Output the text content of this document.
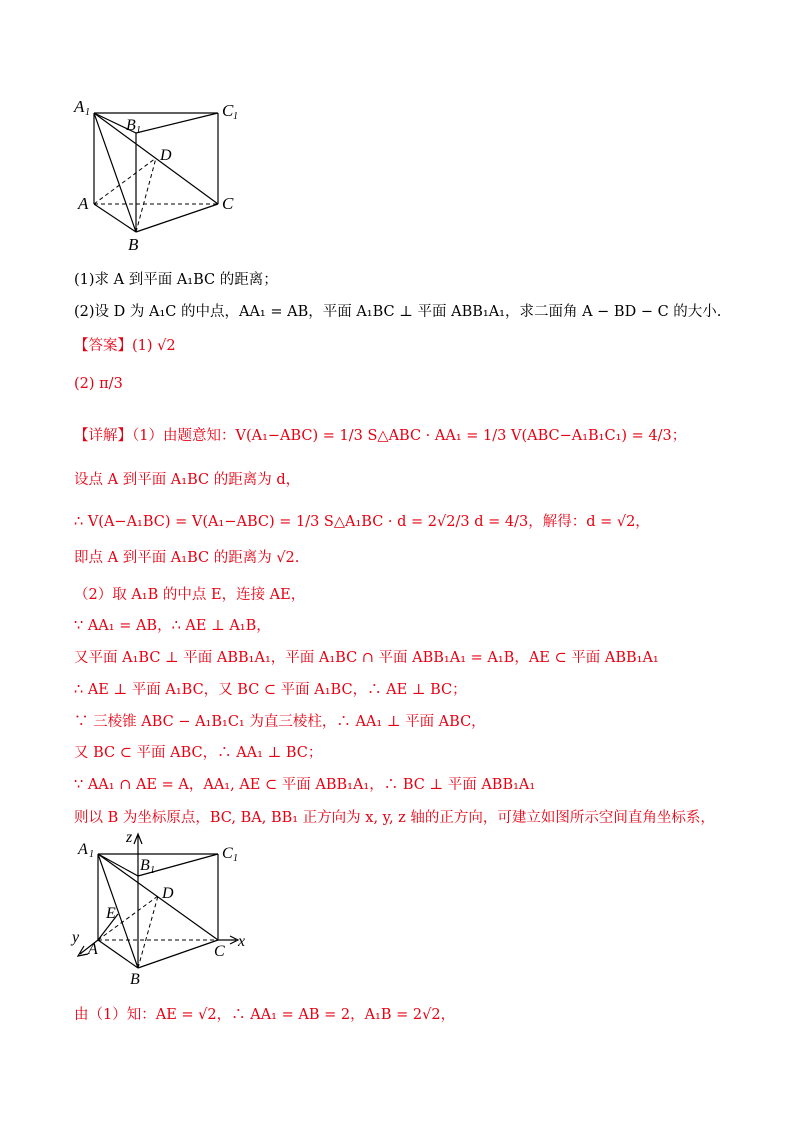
A 1
B 1
C 1
D
A
B
C
(1)求 A 到平面 A₁BC 的距离；
(2)设 D 为 A₁C 的中点，AA₁ = AB，平面 A₁BC ⊥ 平面 ABB₁A₁，求二面角 A − BD − C 的大小.
【答案】(1) √2
(2) π/3
【详解】（1）由题意知：V(A₁−ABC) = 1/3 S△ABC · AA₁ = 1/3 V(ABC−A₁B₁C₁) = 4/3；
设点 A 到平面 A₁BC 的距离为 d，
∴ V(A−A₁BC) = V(A₁−ABC) = 1/3 S△A₁BC · d = 2√2/3 d = 4/3，解得：d = √2，
即点 A 到平面 A₁BC 的距离为 √2.
（2）取 A₁B 的中点 E，连接 AE，
∵ AA₁ = AB，∴ AE ⊥ A₁B，
又平面 A₁BC ⊥ 平面 ABB₁A₁，平面 A₁BC ∩ 平面 ABB₁A₁ = A₁B，AE ⊂ 平面 ABB₁A₁
∴ AE ⊥ 平面 A₁BC，又 BC ⊂ 平面 A₁BC，∴ AE ⊥ BC；
∵ 三棱锥 ABC − A₁B₁C₁ 为直三棱柱，∴ AA₁ ⊥ 平面 ABC，
又 BC ⊂ 平面 ABC，∴ AA₁ ⊥ BC；
∵ AA₁ ∩ AE = A，AA₁, AE ⊂ 平面 ABB₁A₁，∴ BC ⊥ 平面 ABB₁A₁
则以 B 为坐标原点，BC, BA, BB₁ 正方向为 x, y, z 轴的正方向，可建立如图所示空间直角坐标系，
z
A 1
B 1
C 1
D
E
y
A
B
C
x
由（1）知：AE = √2，∴ AA₁ = AB = 2，A₁B = 2√2，
